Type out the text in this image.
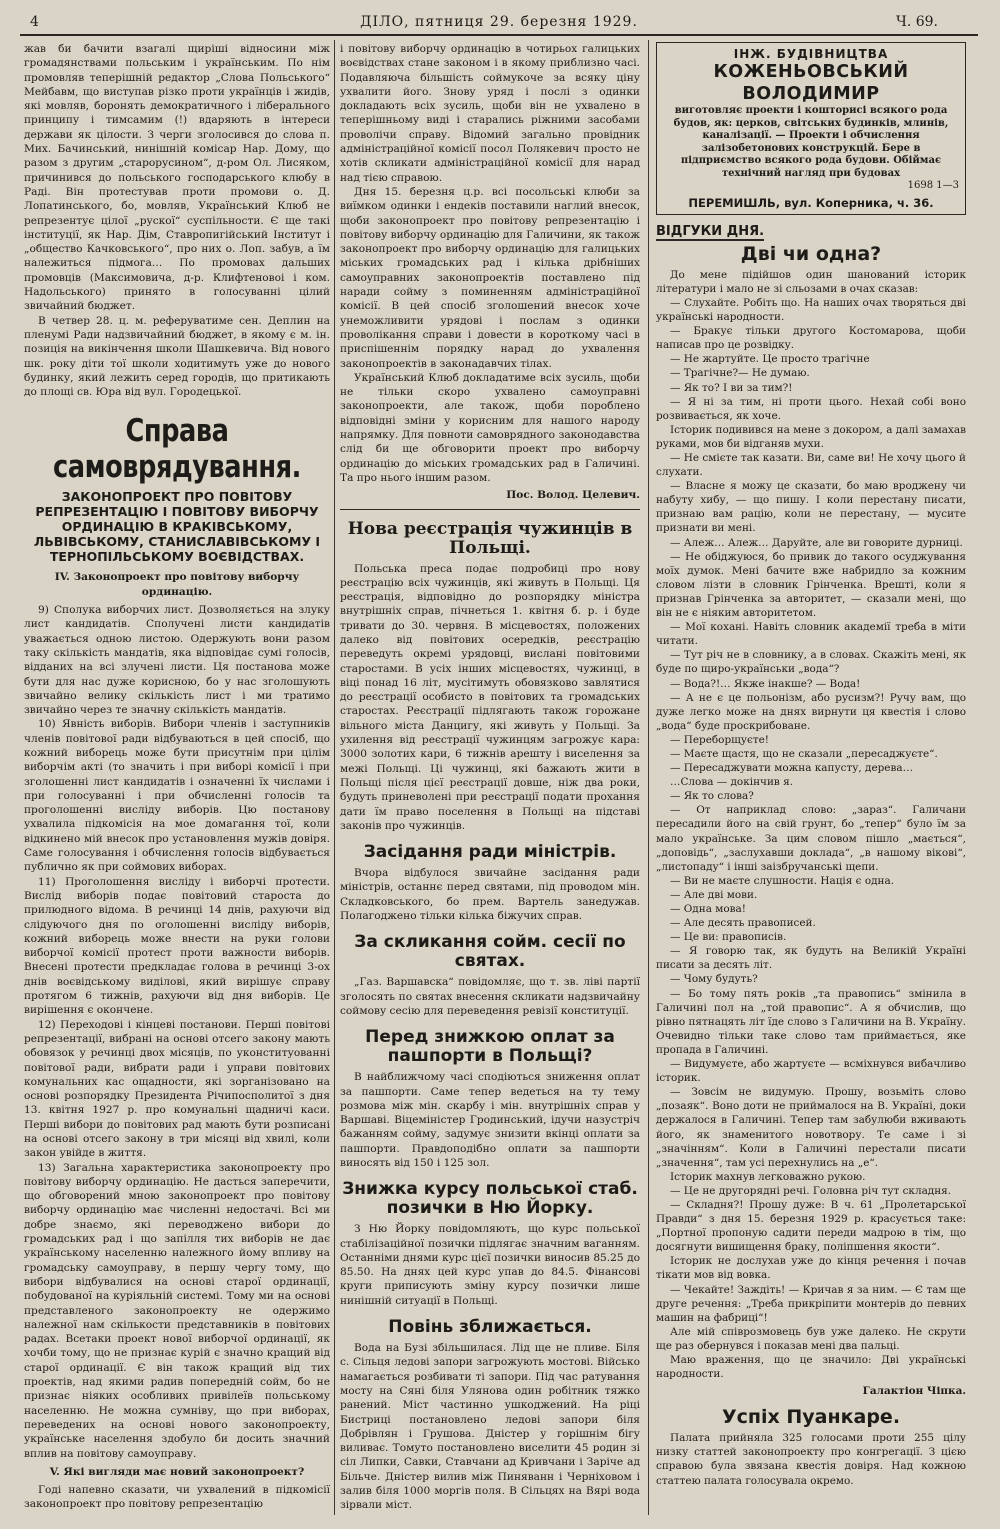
4	ДІЛО, пятниця 29. березня 1929.	Ч. 69.

жав би бачити взагалі щиріші відносини між громадянствами польським і українським. По нім промовляв теперішній редактор „Слова Польського“ Мейбавм, що виступав різко проти українців і жидів, які мовляв, боронять демократичного і ліберального принципу і тимсамим (!) вдаряють в інтереси держави як цілости. З черги зголосився до слова п. Мих. Бачинський, нинішній комісар Нар. Дому, що разом з другим „старорусином“, д-ром Ол. Лисяком, причинився до польського господарського клюбу в Раді. Він протестував проти промови о. Д. Лопатинського, бо, мовляв, Український Клюб не репрезентує цілої „рускої“ суспільности. Є ще такі інституції, як Нар. Дім, Ставропигійський Інститут і „общество Качковського“, про них о. Лоп. забув, а їм належиться підмога… По промовах дальших промовців (Максимовича, д-р. Клифтеновоі і ком. Надольського) принято в голосуванні цілий звичайний бюджет.

В четвер 28. ц. м. реферуватиме сен. Деплин на пленумі Ради надзвичайний бюджет, в якому є м. ін. позиція на викінчення школи Шашкевича. Від нового шк. року діти тої школи ходитимуть уже до нового будинку, який лежить серед городів, що притикають до площі св. Юра від вул. Городецької.

Справа самоврядування.
ЗАКОНОПРОЕКТ ПРО ПОВІТОВУ РЕПРЕЗЕНТАЦІЮ І ПОВІТОВУ ВИБОРЧУ ОРДИНАЦІЮ В КРАКІВСЬКОМУ, ЛЬВІВСЬКОМУ, СТАНИСЛАВІВСЬКОМУ І ТЕРНОПІЛЬСЬКОМУ ВОЄВІДСТВАХ.
IV. Законопроект про повітову виборчу ординацію.

9) Сполука виборчих лист. Дозволяється на злуку лист кандидатів. Сполучені листи кандидатів уважається одною листою. Одержують вони разом таку скількість мандатів, яка відповідає сумі голосів, відданих на всі злучені листи. Ця постанова може бути для нас дуже корисною, бо у нас зголошують звичайно велику скількість лист і ми тратимо звичайно через те значну скількість мандатів.

10) Явність виборів. Вибори членів і заступників членів повітової ради відбуваються в цей спосіб, що кожний виборець може бути присутнім при цілім виборчім акті (то значить і при виборі комісії і при зголошенні лист кандидатів і означенні їх числами і при голосуванні і при обчисленні голосів та проголошенні висліду виборів. Цю постанову ухвалила підкомісія на мое домагання тої, коли відкинено мій внесок про установлення мужів довіря. Саме голосування і обчислення голосів відбувається публично як при соймових виборах.

11) Проголошення висліду і виборчі протести. Вислід виборів подає повітовий староста до прилюдного відома. В речинці 14 днів, рахуючи від слідуючого дня по оголошенні висліду виборів, кожний виборець може внести на руки голови виборчої комісії протест проти важности виборів. Внесені протести предкладає голова в речинці 3-ох днів воєвідському виділові, який вирішує справу протягом 6 тижнів, рахуючи від дня виборів. Це вирішення є окончене.

12) Переходові і кінцеві постанови. Перші повітові репрезентації, вибрані на основі отсего закону мають обовязок у речинці двох місяців, по уконституованні повітової ради, вибрати ради і управи повітових комунальних кас ощадности, які зорганізовано на основі розпорядку Президента Річипосполитої з дня 13. квітня 1927 р. про комунальні щадничі каси. Перші вибори до повітових рад мають бути розписані на основі отсего закону в три місяці від хвилі, коли закон увійде в життя.

13) Загальна характеристика законопроекту про повітову виборчу ординацію. Не дасться заперечити, що обговорений мною законопроект про повітову виборчу ординацію має численні недостачі. Всі ми добре знаємо, які переводжено вибори до громадських рад і що запілля тих виборів не дає українському населенню належного йому впливу на громадську самоуправу, в першу чергу тому, що вибори відбувалися на основі старої ординації, побудованої на куріяльній системі. Тому ми на основі представленого законопроекту не одержимо належної нам скількости представників в повітових радах. Всетаки проект нової виборчої ординації, як хочби тому, що не признає курій є значно кращий від старої ординації. Є він також кращий від тих проектів, над якими радив попередній сойм, бо не признає ніяких особливих привілеїв польському населенню. Не можна сумніву, що при виборах, переведених на основі нового законопроекту, українське населення здобуло би досить значний вплив на повітову самоуправу.

V. Які вигляди має новий законопроект?

Годі напевно сказати, чи ухвалений в підкомісії законопроект про повітову репрезентацію

і повітову виборчу ординацію в чотирьох галицьких воєвідствах стане законом і в якому приблизно часі. Подавляюча більшість соймукоче за всяку ціну ухвалити його. Знову уряд і послі з одинки докладають всіх зусиль, щоби він не ухвалено в теперішньому виді і старались ріжними засобами проволічи справу. Відомий загально провідник адміністраційної комісії посол Полякевич просто не хотів скликати адміністраційної комісії для нарад над тією справою.

Дня 15. березня ц.р. всі посольські клюби за виїмком одинки і ендеків поставили наглий внесок, щоби законопроект про повітову репрезентацію і повітову виборчу ординацію для Галичини, як також законопроект про виборчу ординацію для галицьких міських громадських рад і кілька дрібніших самоуправних законопроектів поставлено під наради сойму з поминенням адміністраційної комісії. В цей спосіб зголошений внесок хоче унеможливити урядові і послам з одинки проволікання справи і довести в короткому часі в приспішеннім порядку нарад до ухвалення законопроектів в законадавчих тілах.

Український Клюб докладатиме всіх зусиль, щоби не тільки скоро ухвалено самоуправні законопроекти, але також, щоби пороблено відповідні зміни у корисним для нашого народу напрямку. Для повноти самоврядного законодавства слід би ще обговорити проект про виборчу ординацію до міських громадських рад в Галичині. Та про нього іншим разом.

Пос. Волод. Целевич.
Нова реєстрація чужинців в Польщі.

Польська преса подає подробиці про нову реєстрацію всіх чужинців, які живуть в Польщі. Ця реєстрація, відповідно до розпорядку міністра внутрішніх справ, пічнеться 1. квітня б. р. і буде тривати до 30. червня. В місцевостях, положених далеко від повітових осередків, реєстрацію переведуть окремі урядовці, вислані повітовими старостами. В усіх інших місцевостях, чужинці, в віці понад 16 літ, мусітимуть обовязково завлятися до реєстрації особисто в повітових та громадських старостах. Реєстрації підлягають також горожане вільного міста Данцигу, які живуть у Польщі. За ухилення від реєстрації чужинцям загрожує кара: 3000 золотих кари, 6 тижнів арешту і виселення за межі Польщі. Ці чужинці, які бажають жити в Польщі після цієї реєстрації довше, ніж два роки, будуть приневолені при реєстрації подати прохання дати їм право поселення в Польщі на підставі законів про чужинців.

Засідання ради міністрів.

Вчора відбулося звичайне засідання ради міністрів, останнє перед святами, під проводом мін. Складковського, бо прем. Вартель занедужав. Полагоджено тільки кілька біжучих справ.

За скликання сойм. сесії по святах.

„Газ. Варшавска“ повідомляє, що т. зв. ліві партії зголосять по святах внесення скликати надзвичайну соймову сесію для переведення ревізії конституції.

Перед знижкою оплат за пашпорти в Польщі?

В найближчому часі сподіються зниження оплат за пашпорти. Саме тепер ведеться на ту тему розмова між мін. скарбу і мін. внутрішніх справ у Варшаві. Віцеміністер Гродинський, ідучи назустріч бажанням сойму, задумує знизити вкінці оплати за пашпорти. Правдоподібно оплати за пашпорти виносять від 150 і 125 зол.

Знижка курсу польської стаб. позички в Ню Йорку.

З Ню Йорку повідомляють, що курс польської стабілізаційної позички підлягає значним ваганням. Останніми днями курс цієї позички виносив 85.25 до 85.50. На днях цей курс упав до 84.5. Фінансові круги приписують зміну курсу позички лише нинішній ситуації в Польщі.

Повінь зближається.

Вода на Бузі збільшилася. Лід ще не пливе. Біля с. Сільця ледові запори загрожують мостові. Військо намагається розбивати ті запори. Під час ратування мосту на Сяні біля Улянова один робітник тяжко ранений. Міст частинно ушкоджений. На ріці Бистриці постановлено ледові запори біля Добрівлян і Грушова. Дністер у горішнім бігу виливає. Томуто постановлено виселити 45 родин зі сіл Липки, Савки, Ставчани ад Кривчани і Заріче ад Більче. Дністер вилив між Пиняванн і Черніховом і залив біля 1000 моргів поля. В Сільцях на Вярі вода зірвали міст.

ІНЖ. БУДІВНИЦТВА
КОЖЕНЬОВСЬКИЙ ВОЛОДИМИР
виготовляє проекти і кошторисі всякого рода будов, як: церков, світських будинків, млинів, каналізації. — Проекти і обчислення залізобетонових конструкцій. Бере в підприємство всякого рода будови. Обіймає технічний нагляд при будовах
1698 1—3
ПЕРЕМИШЛЬ, вул. Коперника, ч. 36.
ВІДГУКИ ДНЯ.
Дві чи одна?

До мене підійшов один шанований історик літератури і мало не зі сльозами в очах сказав:

— Слухайте. Робіть що. На наших очах творяться дві українські народности.

— Бракує тільки другого Костомарова, щоби написав про це розвідку.

— Не жартуйте. Це просто трагічне

— Трагічне?— Не думаю.

— Як то? І ви за тим?!

— Я ні за тим, ні проти цього. Нехай собі воно розвивається, як хоче.

Історик подивився на мене з докором, а далі замахав руками, мов би відганяв мухи.

— Не смієте так казати. Ви, саме ви! Не хочу цього й слухати.

— Власне я можу це сказати, бо маю вроджену чи набуту хибу, — що пишу. І коли перестану писати, признаю вам рацію, коли не перестану, — мусите признати ви мені.

— Алеж… Алеж… Даруйте, але ви говорите дурниці.

— Не обіджуюся, бо привик до такого осуджування моїх думок. Мені бачите вже набридло за кожним словом лізти в словник Грінченка. Врешті, коли я признав Грінченка за авторитет, — сказали мені, що він не є ніяким авторитетом.

— Мої кохані. Навіть словник академії треба в міти читати.

— Тут річ не в словнику, а в словах. Скажіть мені, як буде по щиро-українськи „вода“?

— Вода?!… Якже інакше? — Вода!

— А не є це польонізм, або русизм?! Ручу вам, що дуже легко може на днях вирнути ця квестія і слово „вода“ буде проскрибоване.

— Переборщуєте!

— Маєте щастя, що не сказали „пересаджуєте“.

— Пересаджувати можна капусту, дерева…

…Слова — докінчив я.

— Як то слова?

— От наприклад слово: „зараз“. Галичани пересадили його на свій грунт, бо „тепер“ було їм за мало українське. За цим словом пішло „мається“, „доповідь“, „заслухавши доклада“, „в нашому вікові“, „листопаду“ і інші заізбручанські щепи.

— Ви не маєте слушности. Нація є одна.

— Але дві мови.

— Одна мова!

— Але десять правописей.

— Це ви: правописів.

— Я говорю так, як будуть на Великій Україні писати за десять літ.

— Чому будуть?

— Бо тому пять років „та правопись“ змінила в Галичині пол на „той правопис“. А я обчислив, що рівно пятнацять літ їде слово з Галичини на В. Україну. Очевидно тільки таке слово там приймається, яке пропада в Галичині.

— Видумуєте, або жартуєте — всміхнувся вибачливо історик.

— Зовсім не видумую. Прошу, возьміть слово „позаяк“. Воно доти не приймалося на В. Україні, доки держалося в Галичині. Тепер там забулюби вживають його, як знаменитого новотвору. Те саме і зі „значінням“. Коли в Галичині перестали писати „значення“, там усі перехнулись на „е“.

Історик махнув легковажно рукою.

— Це не другорядні речі. Головна річ тут складня.

— Складня?! Прошу дуже: В ч. 61 „Пролетарської Правди“ з дня 15. березня 1929 р. красується таке: „Портної пропоную садити переди мадрою в тім, що досягнути вишищення браку, поліпшення якости“.

Історик не дослухав уже до кінця речення і почав тікати мов від вовка.

— Чекайте! Заждіть! — Кричав я за ним. — Є там ще друге речення: „Треба прикріпити монтерів до певних машин на фабриці“!

Але мій співрозмовець був уже далеко. Не скрути ще раз обернувся і показав мені два пальці.

Маю враження, що це значило: Дві українські народности.

Галактіон Чіпка.
Успіх Пуанкаре.

Палата прийняла 325 голосами проти 255 цілу низку статтей законопроекту про конгрегації. З цією справою була звязана квестія довіря. Над кожною статтею палата голосувала окремо.
